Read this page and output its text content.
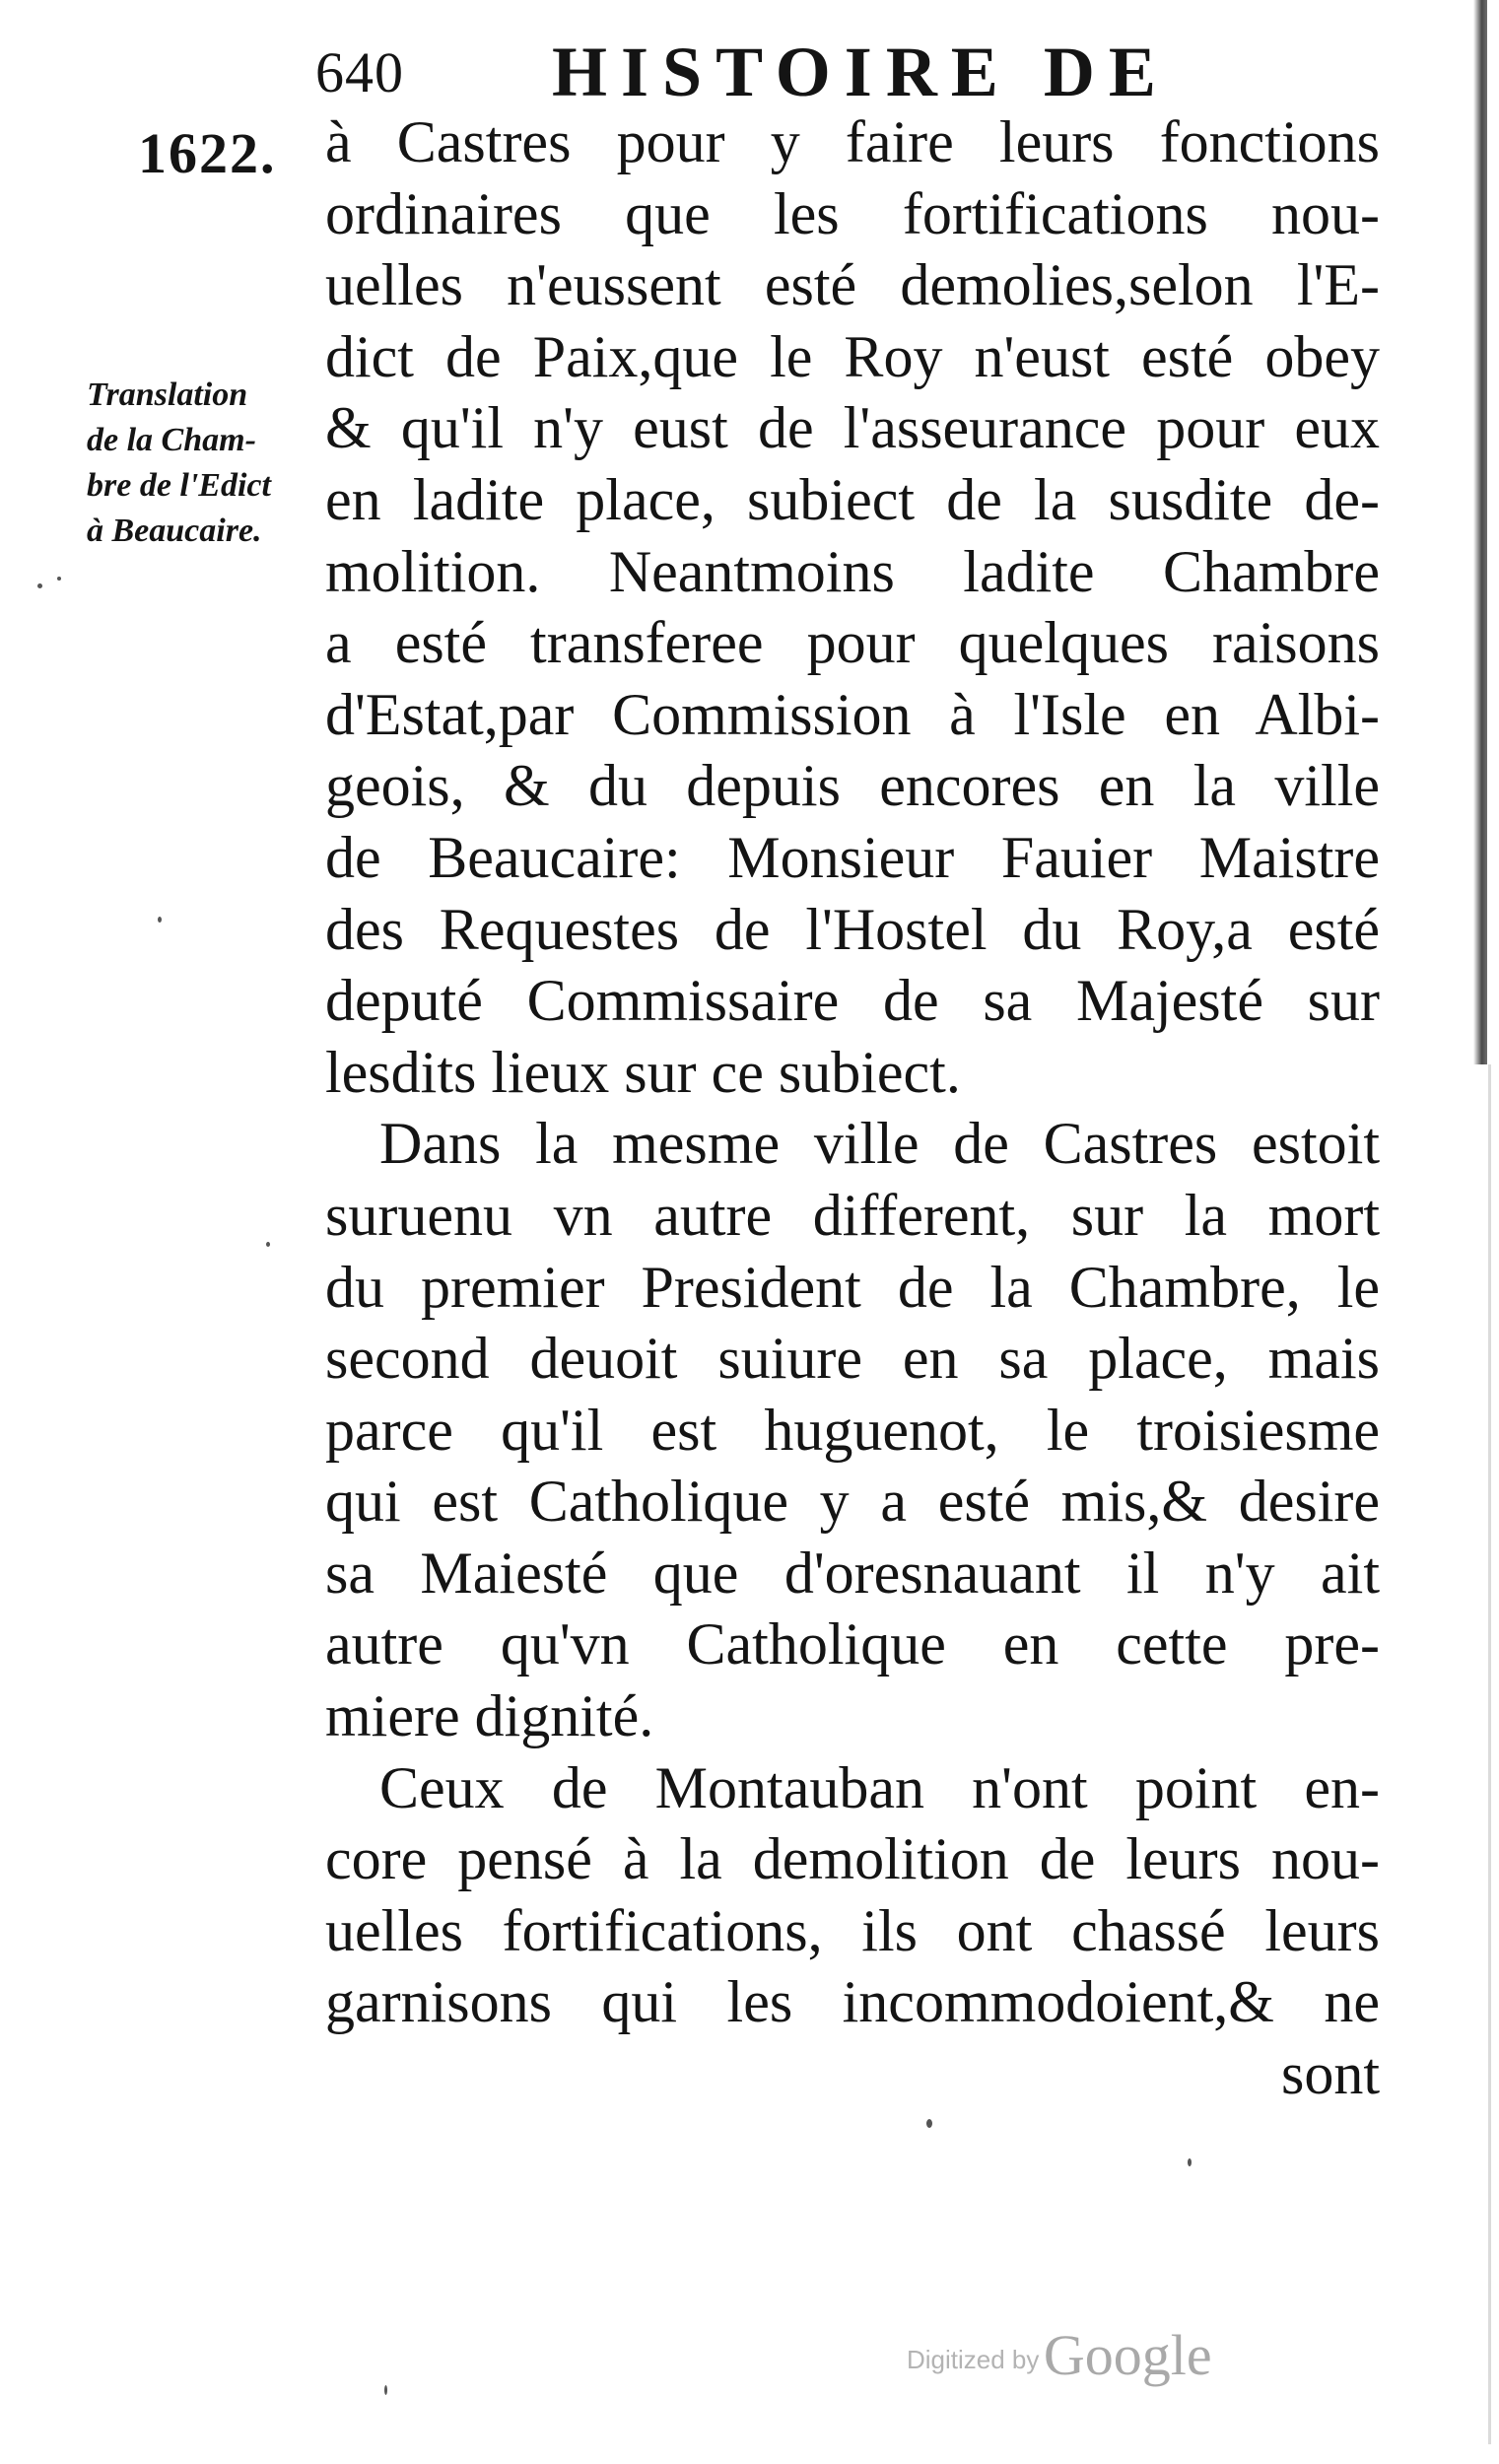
640 HISTOIRE DE
1622.
Translation
de la Cham-
bre de l'Edict
à Beaucaire.
à Castres pour y faire leurs fonctions
ordinaires que les fortifications nou-
uelles n'eussent esté demolies,selon l'E-
dict de Paix,que le Roy n'eust esté obey
& qu'il n'y eust de l'asseurance pour eux
en ladite place, subiect de la susdite de-
molition. Neantmoins ladite Chambre
a esté transferee pour quelques raisons
d'Estat,par Commission à l'Isle en Albi-
geois, & du depuis encores en la ville
de Beaucaire: Monsieur Fauier Maistre
des Requestes de l'Hostel du Roy,a esté
deputé Commissaire de sa Majesté sur
lesdits lieux sur ce subiect.
Dans la mesme ville de Castres estoit
suruenu vn autre different, sur la mort
du premier President de la Chambre, le
second deuoit suiure en sa place, mais
parce qu'il est huguenot, le troisiesme
qui est Catholique y a esté mis,& desire
sa Maiesté que d'oresnauant il n'y ait
autre qu'vn Catholique en cette pre-
miere dignité.
Ceux de Montauban n'ont point en-
core pensé à la demolition de leurs nou-
uelles fortifications, ils ont chassé leurs
garnisons qui les incommodoient,& ne
sont
Digitized by Google
